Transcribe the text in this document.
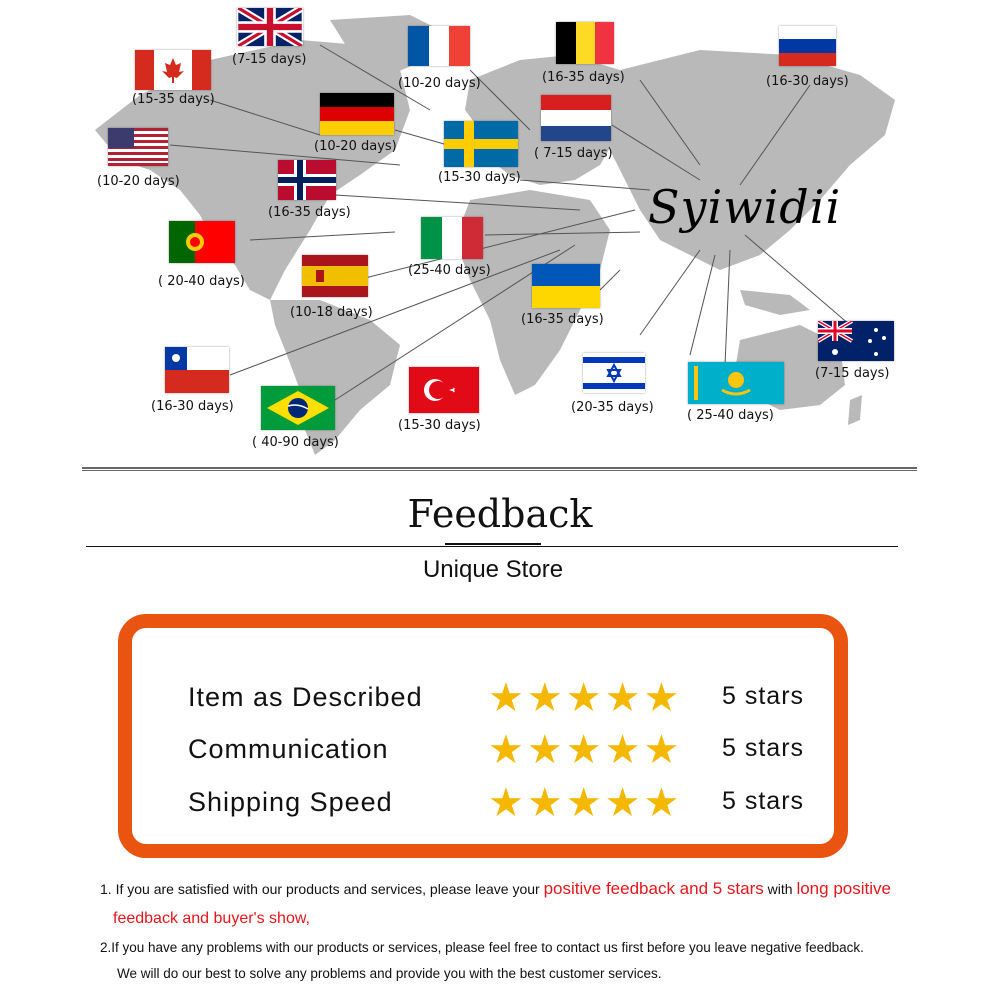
(7-15 days)
(15-35 days)
(10-20 days)
(10-20 days)
(16-35 days)
( 7-15 days)
(16-30 days)
(10-20 days)
(16-35 days)
(15-30 days)
( 20-40 days)
(10-18 days)
(25-40 days)
(16-35 days)
(7-15 days)
(16-30 days)
( 40-90 days)
(15-30 days)
(20-35 days)
( 25-40 days)
Syiwidii
Feedback
Unique Store
Item as Described ★★★★★ 5 stars
Communication ★★★★★ 5 stars
Shipping Speed ★★★★★ 5 stars
1. If you are satisfied with our products and services, please leave your positive feedback and 5 stars with long positive
feedback and buyer's show,
2.If you have any problems with our products or services, please feel free to contact us first before you leave negative feedback.
We will do our best to solve any problems and provide you with the best customer services.
